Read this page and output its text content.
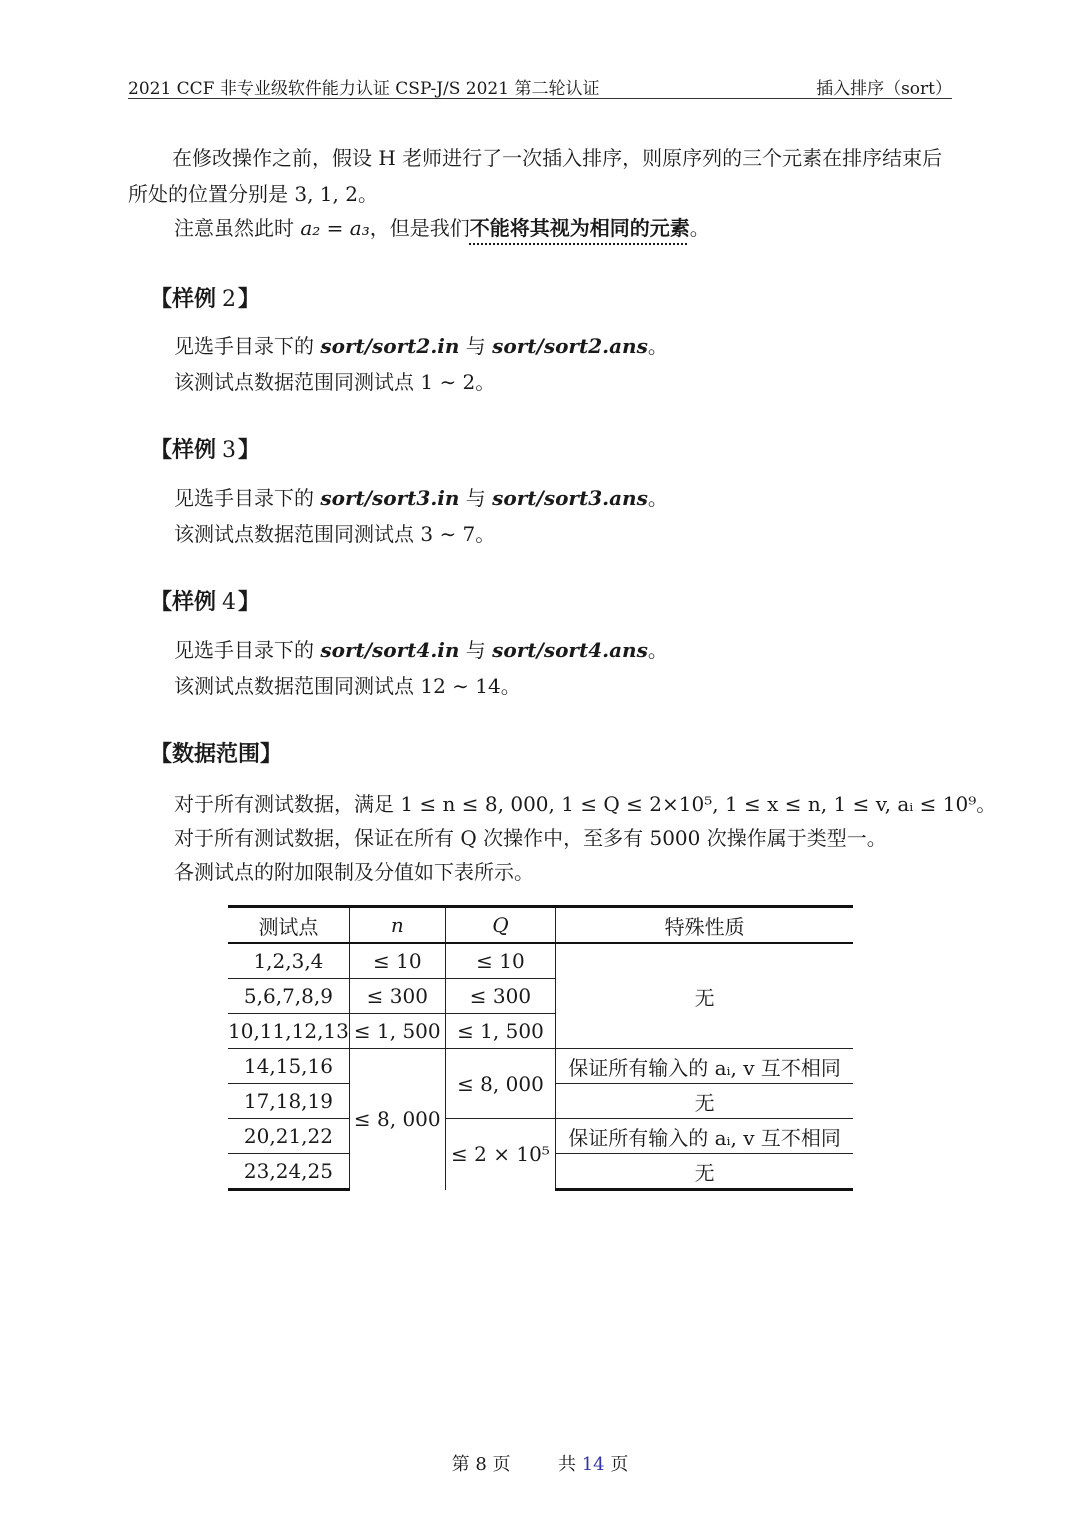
2021 CCF 非专业级软件能力认证 CSP-J/S 2021 第二轮认证	插入排序（sort）
在修改操作之前，假设 H 老师进行了一次插入排序，则原序列的三个元素在排序结束后所处的位置分别是 3, 1, 2。
注意虽然此时 a₂ = a₃，但是我们不能将其视为相同的元素。
【样例 2】
见选手目录下的 sort/sort2.in 与 sort/sort2.ans。
该测试点数据范围同测试点 1 ∼ 2。
【样例 3】
见选手目录下的 sort/sort3.in 与 sort/sort3.ans。
该测试点数据范围同测试点 3 ∼ 7。
【样例 4】
见选手目录下的 sort/sort4.in 与 sort/sort4.ans。
该测试点数据范围同测试点 12 ∼ 14。
【数据范围】
对于所有测试数据，满足 1 ≤ n ≤ 8, 000, 1 ≤ Q ≤ 2×10⁵, 1 ≤ x ≤ n, 1 ≤ v, aᵢ ≤ 10⁹。
对于所有测试数据，保证在所有 Q 次操作中，至多有 5000 次操作属于类型一。
各测试点的附加限制及分值如下表所示。
测试点	n	Q	特殊性质
1,2,3,4	≤ 10	≤ 10	无
5,6,7,8,9	≤ 300	≤ 300	
10,11,12,13	≤ 1, 500	≤ 1, 500	
14,15,16	≤ 8, 000	≤ 8, 000	保证所有输入的 aᵢ, v 互不相同
17,18,19			无
20,21,22		≤ 2 × 10⁵	保证所有输入的 aᵢ, v 互不相同
23,24,25			无
第 8 页	共 14 页
